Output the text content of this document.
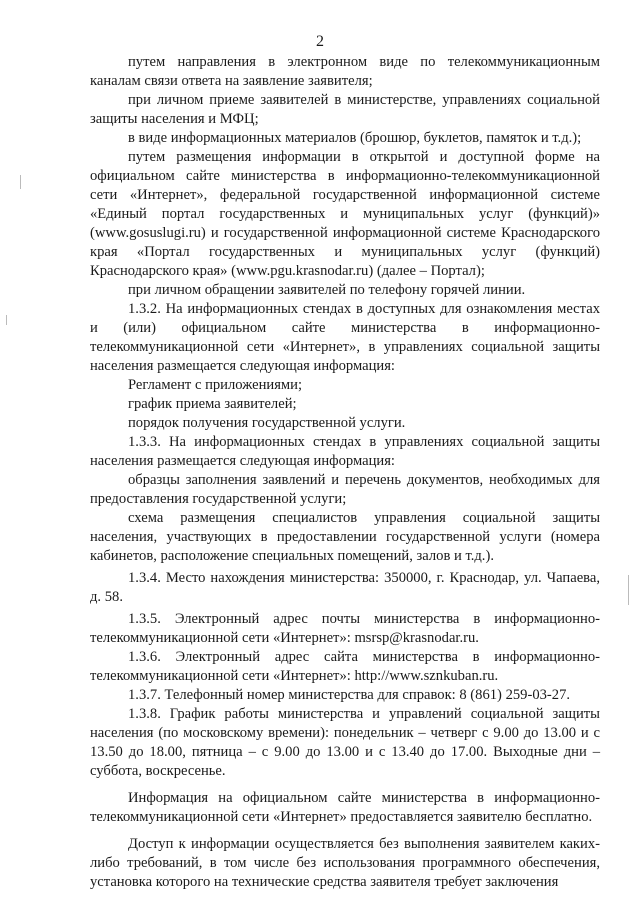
2

путем направления в электронном виде по телекоммуникационным каналам связи ответа на заявление заявителя;

при личном приеме заявителей в министерстве, управлениях социальной защиты населения и МФЦ;

в виде информационных материалов (брошюр, буклетов, памяток и т.д.);

путем размещения информации в открытой и доступной форме на официальном сайте министерства в информационно-телекоммуникационной сети «Интернет», федеральной государственной информационной системе «Единый портал государственных и муниципальных услуг (функций)» (www.gosuslugi.ru) и государственной информационной системе Краснодарского края «Портал государственных и муниципальных услуг (функций) Краснодарского края» (www.pgu.krasnodar.ru) (далее – Портал);

при личном обращении заявителей по телефону горячей линии.

1.3.2. На информационных стендах в доступных для ознакомления местах и (или) официальном сайте министерства в информационно-телекоммуникационной сети «Интернет», в управлениях социальной защиты населения размещается следующая информация:

Регламент с приложениями;

график приема заявителей;

порядок получения государственной услуги.

1.3.3. На информационных стендах в управлениях социальной защиты населения размещается следующая информация:

образцы заполнения заявлений и перечень документов, необходимых для предоставления государственной услуги;

схема размещения специалистов управления социальной защиты населения, участвующих в предоставлении государственной услуги (номера кабинетов, расположение специальных помещений, залов и т.д.).

1.3.4. Место нахождения министерства: 350000, г. Краснодар, ул. Чапаева, д. 58.

1.3.5. Электронный адрес почты министерства в информационно-телекоммуникационной сети «Интернет»: msrsp@krasnodar.ru.

1.3.6. Электронный адрес сайта министерства в информационно-телекоммуникационной сети «Интернет»: http://www.sznkuban.ru.

1.3.7. Телефонный номер министерства для справок: 8 (861) 259-03-27.

1.3.8. График работы министерства и управлений социальной защиты населения (по московскому времени): понедельник – четверг с 9.00 до 13.00 и с 13.50 до 18.00, пятница – с 9.00 до 13.00 и с 13.40 до 17.00. Выходные дни – суббота, воскресенье.

Информация на официальном сайте министерства в информационно-телекоммуникационной сети «Интернет» предоставляется заявителю бесплатно.

Доступ к информации осуществляется без выполнения заявителем каких-либо требований, в том числе без использования программного обеспечения, установка которого на технические средства заявителя требует заключения
